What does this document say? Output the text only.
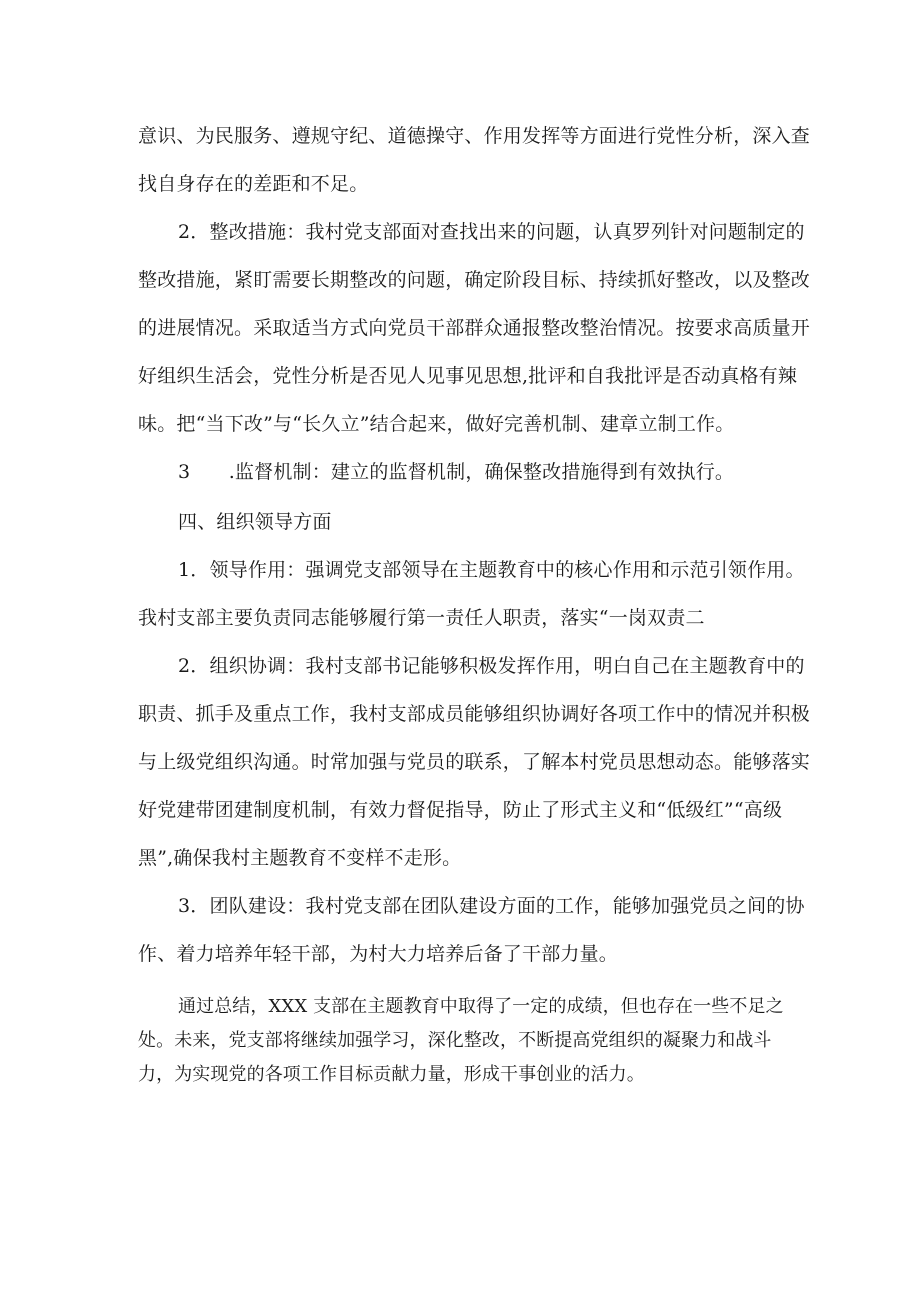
意识、为民服务、遵规守纪、道德操守、作用发挥等方面进行党性分析，深入查
找自身存在的差距和不足。
2．整改措施：我村党支部面对查找出来的问题，认真罗列针对问题制定的
整改措施，紧盯需要长期整改的问题，确定阶段目标、持续抓好整改，以及整改
的进展情况。采取适当方式向党员干部群众通报整改整治情况。按要求高质量开
好组织生活会，党性分析是否见人见事见思想,批评和自我批评是否动真格有辣
味。把“当下改”与“长久立”结合起来，做好完善机制、建章立制工作。
3　　.监督机制：建立的监督机制，确保整改措施得到有效执行。
四、组织领导方面
1．领导作用：强调党支部领导在主题教育中的核心作用和示范引领作用。
我村支部主要负责同志能够履行第一责任人职责，落实“一岗双责二
2．组织协调：我村支部书记能够积极发挥作用，明白自己在主题教育中的
职责、抓手及重点工作，我村支部成员能够组织协调好各项工作中的情况并积极
与上级党组织沟通。时常加强与党员的联系，了解本村党员思想动态。能够落实
好党建带团建制度机制，有效力督促指导，防止了形式主义和“低级红”“高级
黑”,确保我村主题教育不变样不走形。
3．团队建设：我村党支部在团队建设方面的工作，能够加强党员之间的协
作、着力培养年轻干部，为村大力培养后备了干部力量。
通过总结，XXX 支部在主题教育中取得了一定的成绩，但也存在一些不足之
处。未来，党支部将继续加强学习，深化整改，不断提高党组织的凝聚力和战斗
力，为实现党的各项工作目标贡献力量，形成干事创业的活力。
